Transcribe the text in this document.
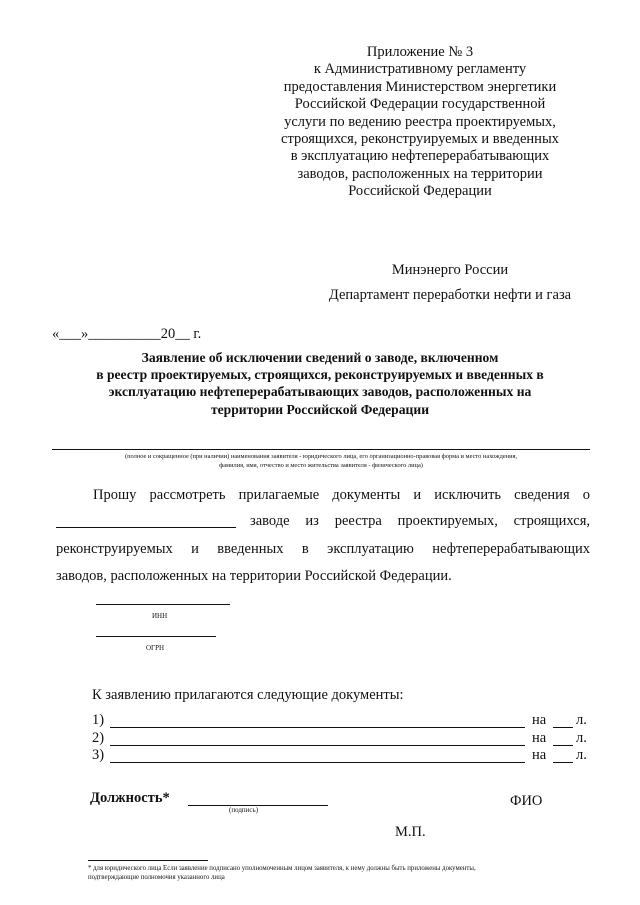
Приложение № 3
к Административному регламенту
предоставления Министерством энергетики
Российской Федерации государственной
услуги по ведению реестра проектируемых,
строящихся, реконструируемых и введенных
в эксплуатацию нефтеперерабатывающих
заводов, расположенных на территории
Российской Федерации
Минэнерго России
Департамент переработки нефти и газа
«___»__________20__ г.
Заявление об исключении сведений о заводе, включенном
в реестр проектируемых, строящихся, реконструируемых и введенных в
эксплуатацию нефтеперерабатывающих заводов, расположенных на
территории Российской Федерации
(полное и сокращенное (при наличии) наименования заявителя - юридического лица, его организационно-правовая форма и место нахождения,
фамилия, имя, отчество и место жительства заявителя - физического лица)
Прошу рассмотреть прилагаемые документы и исключить сведения о
заводе из реестра проектируемых, строящихся,
реконструируемых и введенных в эксплуатацию нефтеперерабатывающих
заводов, расположенных на территории Российской Федерации.
ИНН
ОГРН
К заявлению прилагаются следующие документы:
1)	на л.
2)	на л.
3)	на л.
Должность*
(подпись)
ФИО
М.П.
* для юридического лица Если заявление подписано уполномоченным лицом заявителя, к нему должны быть приложены документы,
подтверждающие полномочия указанного лица
